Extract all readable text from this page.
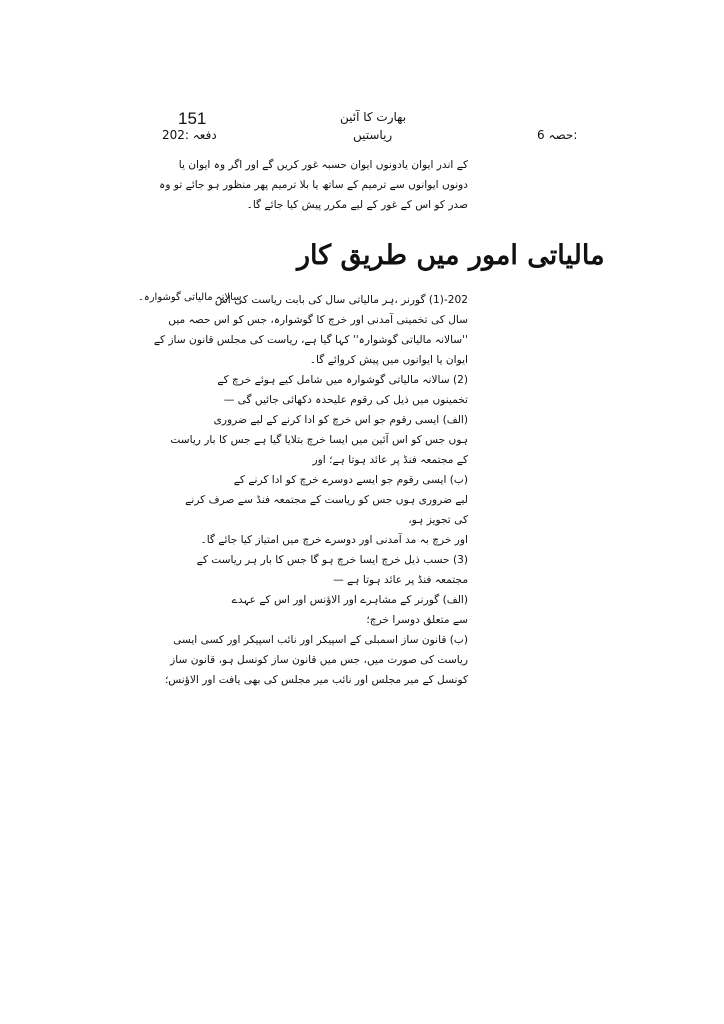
151	بھارت کا آئین
دفعہ :202	ریاستیں	حصہ 6:
کے اندر ایوان یادونوں ایوان حسبہ غور کریں گے اور اگر وہ ایوان یا
دونوں ایوانوں سے ترمیم کے ساتھ یا بلا ترمیم پھر منظور ہو جائے تو وہ
صدر کو اس کے غور کے لیے مکرر پیش کیا جائے گا۔
مالیاتی امور میں طریق کار
سالانہ مالیاتی گوشوارہ۔
202-(1) گورنر ،ہر مالیاتی سال کی بابت ریاست کی اس
سال کی تخمینی آمدنی اور خرچ کا گوشوارہ، جس کو اس حصہ میں
''سالانہ مالیاتی گوشوارہ'' کہا گیا ہے، ریاست کی مجلس قانون ساز کے
ایوان یا ایوانوں میں پیش کروائے گا۔
(2) سالانہ مالیاتی گوشوارہ میں شامل کیے ہوئے خرچ کے
تخمینوں میں ذیل کی رقوم علیحدہ دکھائی جائیں گی —
(الف) ایسی رقوم جو اس خرچ کو ادا کرنے کے لیے ضروری
ہوں جس کو اس آئین میں ایسا خرچ بتلایا گیا ہے جس کا بار ریاست
کے مجتمعہ فنڈ پر عائد ہوتا ہے؛ اور
(ب) ایسی رقوم جو ایسے دوسرے خرچ کو ادا کرنے کے
لیے ضروری ہوں جس کو ریاست کے مجتمعہ فنڈ سے صرف کرنے
کی تجویز ہو،
اور خرچ بہ مد آمدنی اور دوسرے خرچ میں امتیاز کیا جائے گا۔
(3) حسب ذیل خرچ ایسا خرچ ہو گا جس کا بار ہر ریاست کے
مجتمعہ فنڈ پر عائد ہوتا ہے —
(الف) گورنر کے مشاہرے اور الاؤنس اور اس کے عہدے
سے متعلق دوسرا خرچ؛
(ب) قانون ساز اسمبلی کے اسپیکر اور نائب اسپیکر اور کسی ایسی
ریاست کی صورت میں، جس میں قانون ساز کونسل ہو، قانون ساز
کونسل کے میر مجلس اور نائب میر مجلس کی بھی یافت اور الاؤنس؛
